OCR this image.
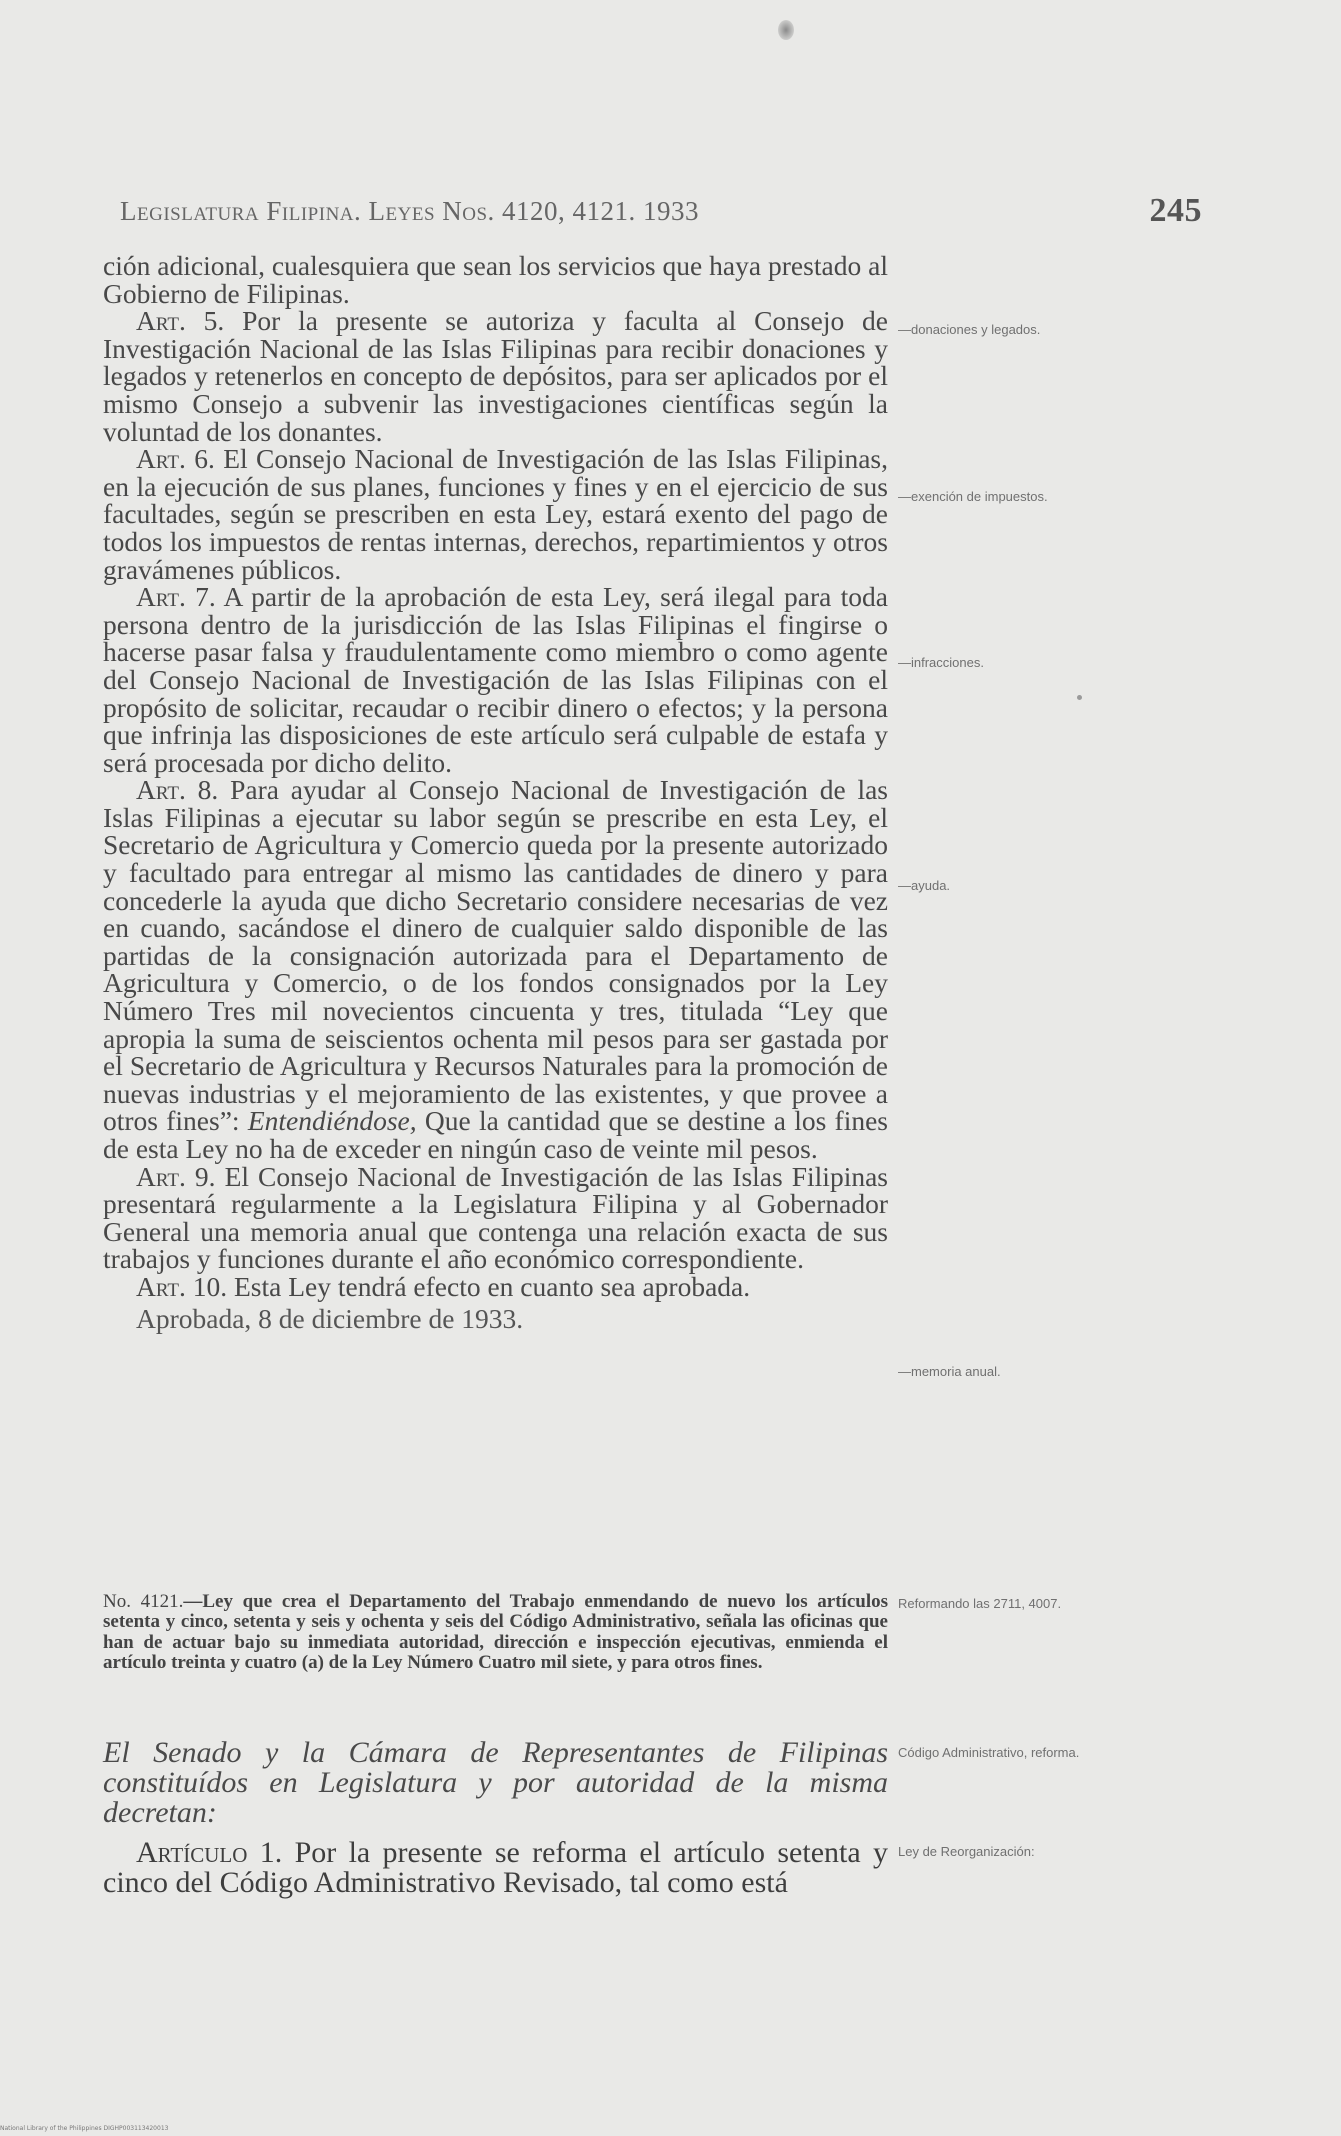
Legislatura Filipina. Leyes Nos. 4120, 4121. 1933	245

ción adicional, cualesquiera que sean los servicios que haya prestado al Gobierno de Filipinas.

Art. 5. Por la presente se autoriza y faculta al Consejo de Investigación Nacional de las Islas Filipinas para recibir donaciones y legados y retenerlos en concepto de depósitos, para ser aplicados por el mismo Consejo a subvenir las investigaciones científicas según la voluntad de los donantes.

Art. 6. El Consejo Nacional de Investigación de las Islas Filipinas, en la ejecución de sus planes, funciones y fines y en el ejercicio de sus facultades, según se prescriben en esta Ley, estará exento del pago de todos los impuestos de rentas internas, derechos, repartimientos y otros gravámenes públicos.

Art. 7. A partir de la aprobación de esta Ley, será ilegal para toda persona dentro de la jurisdicción de las Islas Filipinas el fingirse o hacerse pasar falsa y fraudulentamente como miembro o como agente del Consejo Nacional de Investigación de las Islas Filipinas con el propósito de solicitar, recaudar o recibir dinero o efectos; y la persona que infrinja las disposiciones de este artículo será culpable de estafa y será procesada por dicho delito.

Art. 8. Para ayudar al Consejo Nacional de Investigación de las Islas Filipinas a ejecutar su labor según se prescribe en esta Ley, el Secretario de Agricultura y Comercio queda por la presente autorizado y facultado para entregar al mismo las cantidades de dinero y para concederle la ayuda que dicho Secretario considere necesarias de vez en cuando, sacándose el dinero de cualquier saldo disponible de las partidas de la consignación autorizada para el Departamento de Agricultura y Comercio, o de los fondos consignados por la Ley Número Tres mil novecientos cincuenta y tres, titulada “Ley que apropia la suma de seiscientos ochenta mil pesos para ser gastada por el Secretario de Agricultura y Recursos Naturales para la promoción de nuevas industrias y el mejoramiento de las existentes, y que provee a otros fines”: Entendiéndose, Que la cantidad que se destine a los fines de esta Ley no ha de exceder en ningún caso de veinte mil pesos.

Art. 9. El Consejo Nacional de Investigación de las Islas Filipinas presentará regularmente a la Legislatura Filipina y al Gobernador General una memoria anual que contenga una relación exacta de sus trabajos y funciones durante el año económico correspondiente.

Art. 10. Esta Ley tendrá efecto en cuanto sea aprobada.

Aprobada, 8 de diciembre de 1933.

—donaciones y legados.
—exención de impuestos.
—infracciones.
—ayuda.
—memoria anual.
Reformando las 2711, 4007.
Código Administrativo, reforma.
Ley de Reorganización:
No. 4121.—Ley que crea el Departamento del Trabajo enmendando de nuevo los artículos setenta y cinco, setenta y seis y ochenta y seis del Código Administrativo, señala las oficinas que han de actuar bajo su inmediata autoridad, dirección e inspección ejecutivas, enmienda el artículo treinta y cuatro (a) de la Ley Número Cuatro mil siete, y para otros fines.
El Senado y la Cámara de Representantes de Filipinas constituídos en Legislatura y por autoridad de la misma decretan:
Artículo 1. Por la presente se reforma el artículo setenta y cinco del Código Administrativo Revisado, tal como está
National Library of the Philippines DIGHP003113420013
